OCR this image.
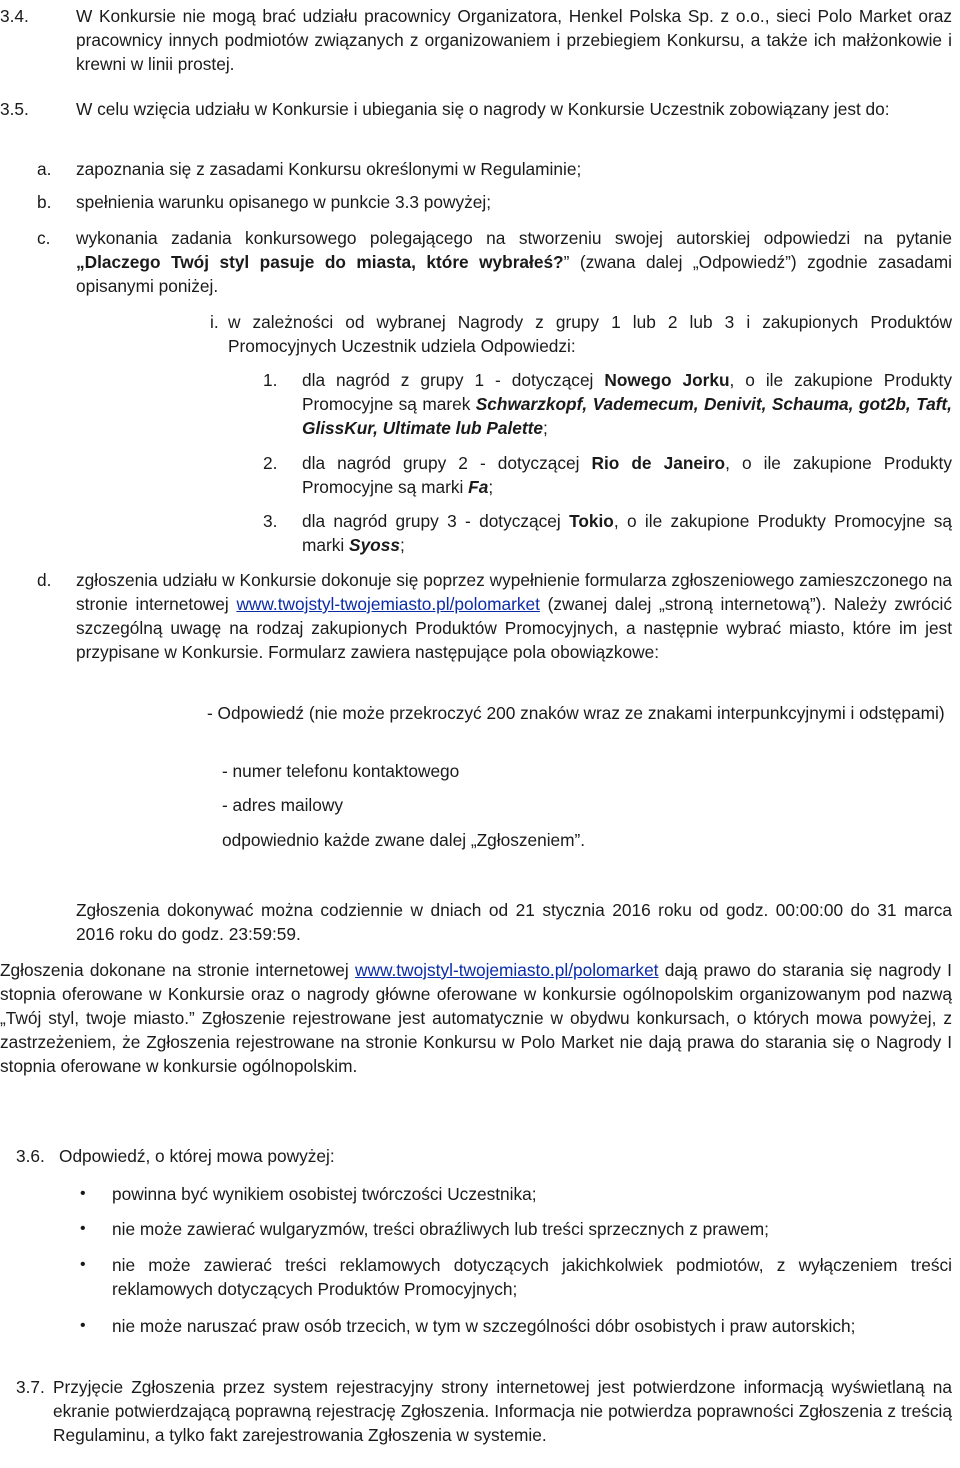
3.4.	W Konkursie nie mogą brać udziału pracownicy Organizatora, Henkel Polska Sp. z o.o., sieci Polo Market oraz pracownicy innych podmiotów związanych z organizowaniem i przebiegiem Konkursu, a także ich małżonkowie i krewni w linii prostej.

3.5.	W celu wzięcia udziału w Konkursie i ubiegania się o nagrody w Konkursie Uczestnik zobowiązany jest do:

a. zapoznania się z zasadami Konkursu określonymi w Regulaminie;

b. spełnienia warunku opisanego w punkcie 3.3 powyżej;

c. wykonania zadania konkursowego polegającego na stworzeniu swojej autorskiej odpowiedzi na pytanie „Dlaczego Twój styl pasuje do miasta, które wybrałeś?” (zwana dalej „Odpowiedź”) zgodnie zasadami opisanymi poniżej.

i. w zależności od wybranej Nagrody z grupy 1 lub 2 lub 3 i zakupionych Produktów Promocyjnych Uczestnik udziela Odpowiedzi:

1. dla nagród z grupy 1 - dotyczącej Nowego Jorku, o ile zakupione Produkty Promocyjne są marek Schwarzkopf, Vademecum, Denivit, Schauma, got2b, Taft, GlissKur, Ultimate lub Palette;

2. dla nagród grupy 2 - dotyczącej Rio de Janeiro, o ile zakupione Produkty Promocyjne są marki Fa;

3. dla nagród grupy 3 - dotyczącej Tokio, o ile zakupione Produkty Promocyjne są marki Syoss;

d. zgłoszenia udziału w Konkursie dokonuje się poprzez wypełnienie formularza zgłoszeniowego zamieszczonego na stronie internetowej www.twojstyl-twojemiasto.pl/polomarket (zwanej dalej „stroną internetową”). Należy zwrócić szczególną uwagę na rodzaj zakupionych Produktów Promocyjnych, a następnie wybrać miasto, które im jest przypisane w Konkursie. Formularz zawiera następujące pola obowiązkowe:

- Odpowiedź (nie może przekroczyć 200 znaków wraz ze znakami interpunkcyjnymi i odstępami)

- numer telefonu kontaktowego

- adres mailowy

odpowiednio każde zwane dalej „Zgłoszeniem”.

Zgłoszenia dokonywać można codziennie w dniach od 21 stycznia 2016 roku od godz. 00:00:00 do 31 marca 2016 roku do godz. 23:59:59.

Zgłoszenia dokonane na stronie internetowej www.twojstyl-twojemiasto.pl/polomarket dają prawo do starania się nagrody I stopnia oferowane w Konkursie oraz o nagrody główne oferowane w konkursie ogólnopolskim organizowanym pod nazwą „Twój styl, twoje miasto.” Zgłoszenie rejestrowane jest automatycznie w obydwu konkursach, o których mowa powyżej, z zastrzeżeniem, że Zgłoszenia rejestrowane na stronie Konkursu w Polo Market nie dają prawa do starania się o Nagrody I stopnia oferowane w konkursie ogólnopolskim.

3.6. Odpowiedź, o której mowa powyżej:

• powinna być wynikiem osobistej twórczości Uczestnika;

• nie może zawierać wulgaryzmów, treści obraźliwych lub treści sprzecznych z prawem;

• nie może zawierać treści reklamowych dotyczących jakichkolwiek podmiotów, z wyłączeniem treści reklamowych dotyczących Produktów Promocyjnych;

• nie może naruszać praw osób trzecich, w tym w szczególności dóbr osobistych i praw autorskich;

3.7. Przyjęcie Zgłoszenia przez system rejestracyjny strony internetowej jest potwierdzone informacją wyświetlaną na ekranie potwierdzającą poprawną rejestrację Zgłoszenia. Informacja nie potwierdza poprawności Zgłoszenia z treścią Regulaminu, a tylko fakt zarejestrowania Zgłoszenia w systemie.
